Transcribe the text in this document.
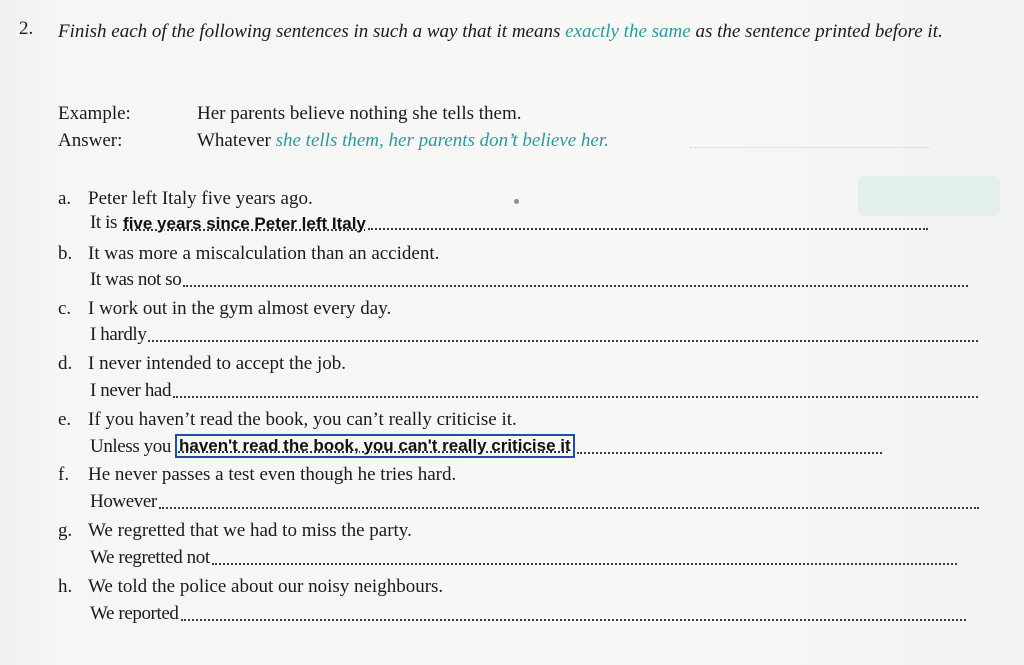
2. Finish each of the following sentences in such a way that it means exactly the same as the sentence printed before it.
Example:	Her parents believe nothing she tells them.
Answer:	Whatever she tells them, her parents don’t believe her.
a. Peter left Italy five years ago.
It is five years since Peter left Italy
b. It was more a miscalculation than an accident.
It was not so
c. I work out in the gym almost every day.
I hardly
d. I never intended to accept the job.
I never had
e. If you haven’t read the book, you can’t really criticise it.
Unless you haven't read the book, you can't really criticise it
f. He never passes a test even though he tries hard.
However
g. We regretted that we had to miss the party.
We regretted not
h. We told the police about our noisy neighbours.
We reported
